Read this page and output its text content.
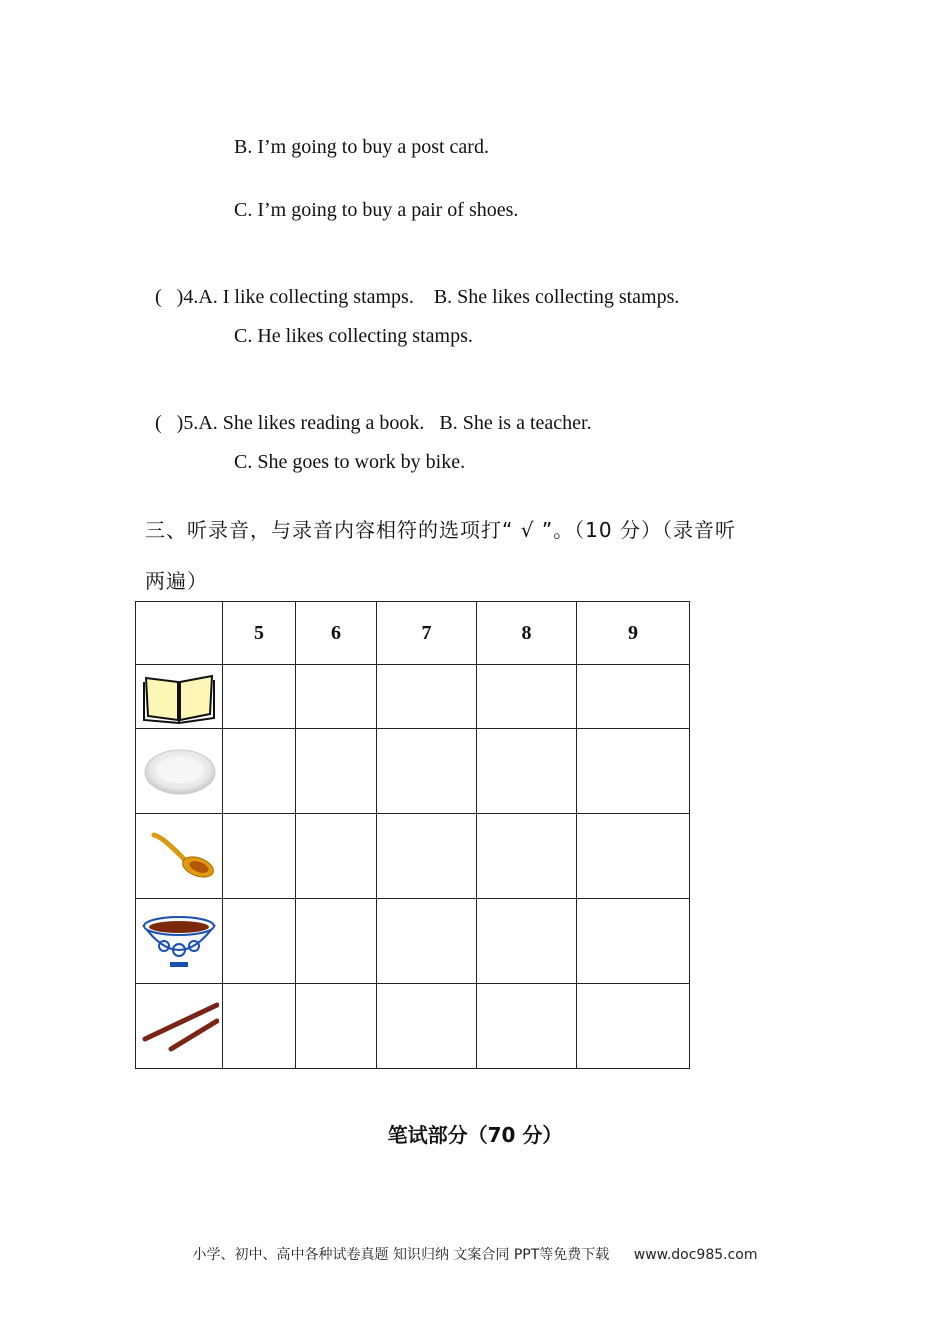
B. I’m going to buy a post card.
C. I’m going to buy a pair of shoes.

(   )4.A. I like collecting stamps. B. She likes collecting stamps.

C. He likes collecting stamps.

(   )5.A. She likes reading a book. B. She is a teacher.

C. She goes to work by bike.
三、听录音，与录音内容相符的选项打“ √ ”。（10 分）（录音听
两遍）
	5	6	7	8	9

笔试部分（70 分）
小学、初中、高中各种试卷真题 知识归纳 文案合同 PPT等免费下载 www.doc985.com
